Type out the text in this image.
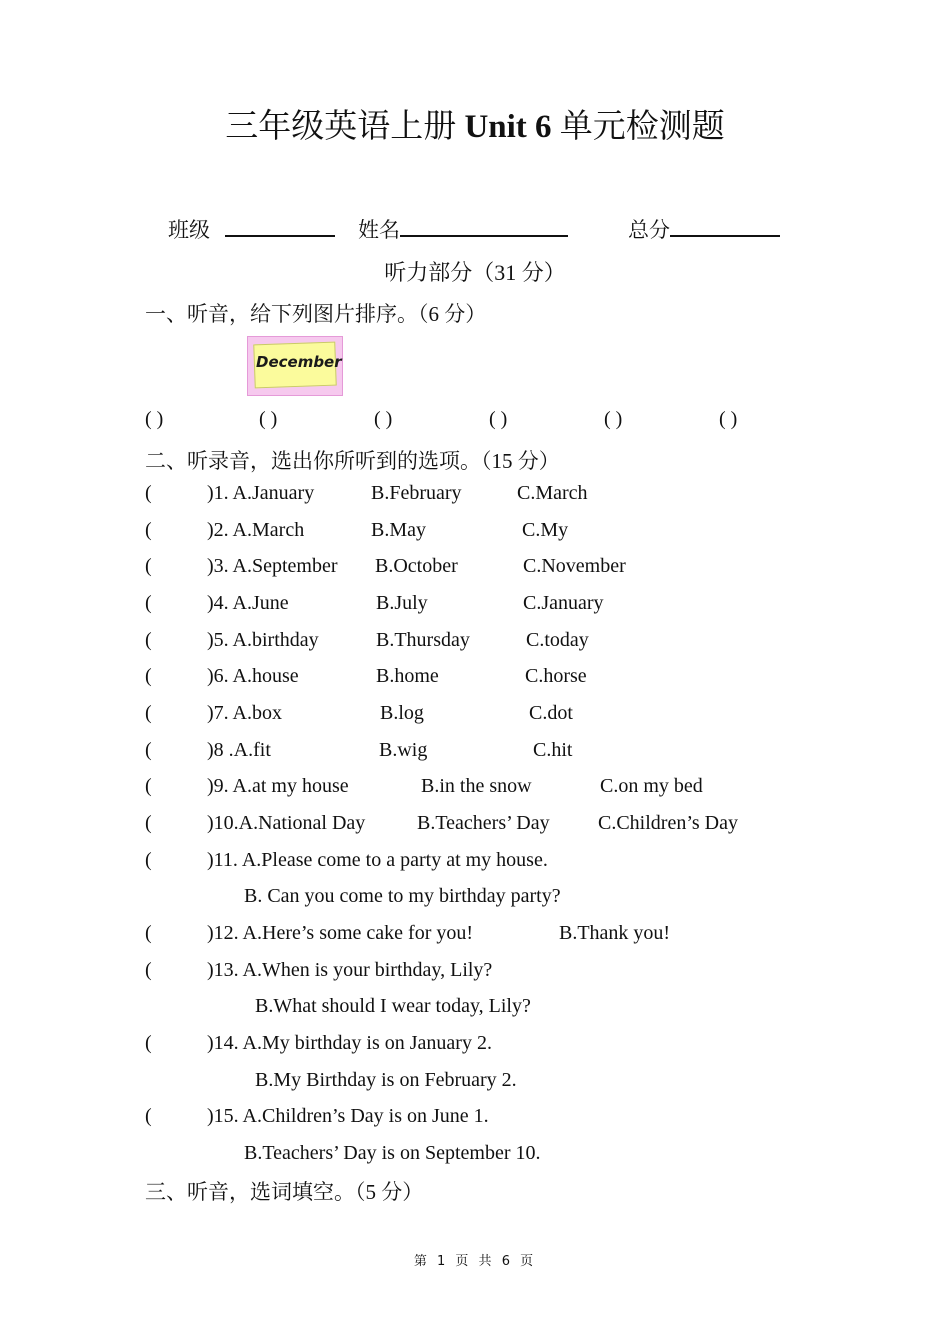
三年级英语上册 Unit 6 单元检测题
班级	姓名	总分
听力部分（31 分）
一、听音，给下列图片排序。（6 分）
December
( )	( )	( )	( )	( )	( )
二、听录音，选出你所听到的选项。（15 分）
(	)1. A.January	B.February	C.March
(	)2. A.March	B.May	C.My
(	)3. A.September B.October	C.November
(	)4. A.June	B.July	C.January
(	)5. A.birthday	B.Thursday	C.today
(	)6. A.house	B.home	C.horse
(	)7. A.box	B.log	C.dot
(	)8 .A.fit	B.wig	C.hit
(	)9. A.at my house	B.in the snow	C.on my bed
(	)10.A.National Day	B.Teachers’ Day C.Children’s Day
(	)11. A.Please come to a party at my house.
B. Can you come to my birthday party?
(	)12. A.Here’s some cake for you!	B.Thank you!
(	)13. A.When is your birthday, Lily?
B.What should I wear today, Lily?
(	)14. A.My birthday is on January 2.
B.My Birthday is on February 2.
(	)15. A.Children’s Day is on June 1.
B.Teachers’ Day is on September 10.
三、听音，选词填空。（5 分）
第 1 页 共 6 页
